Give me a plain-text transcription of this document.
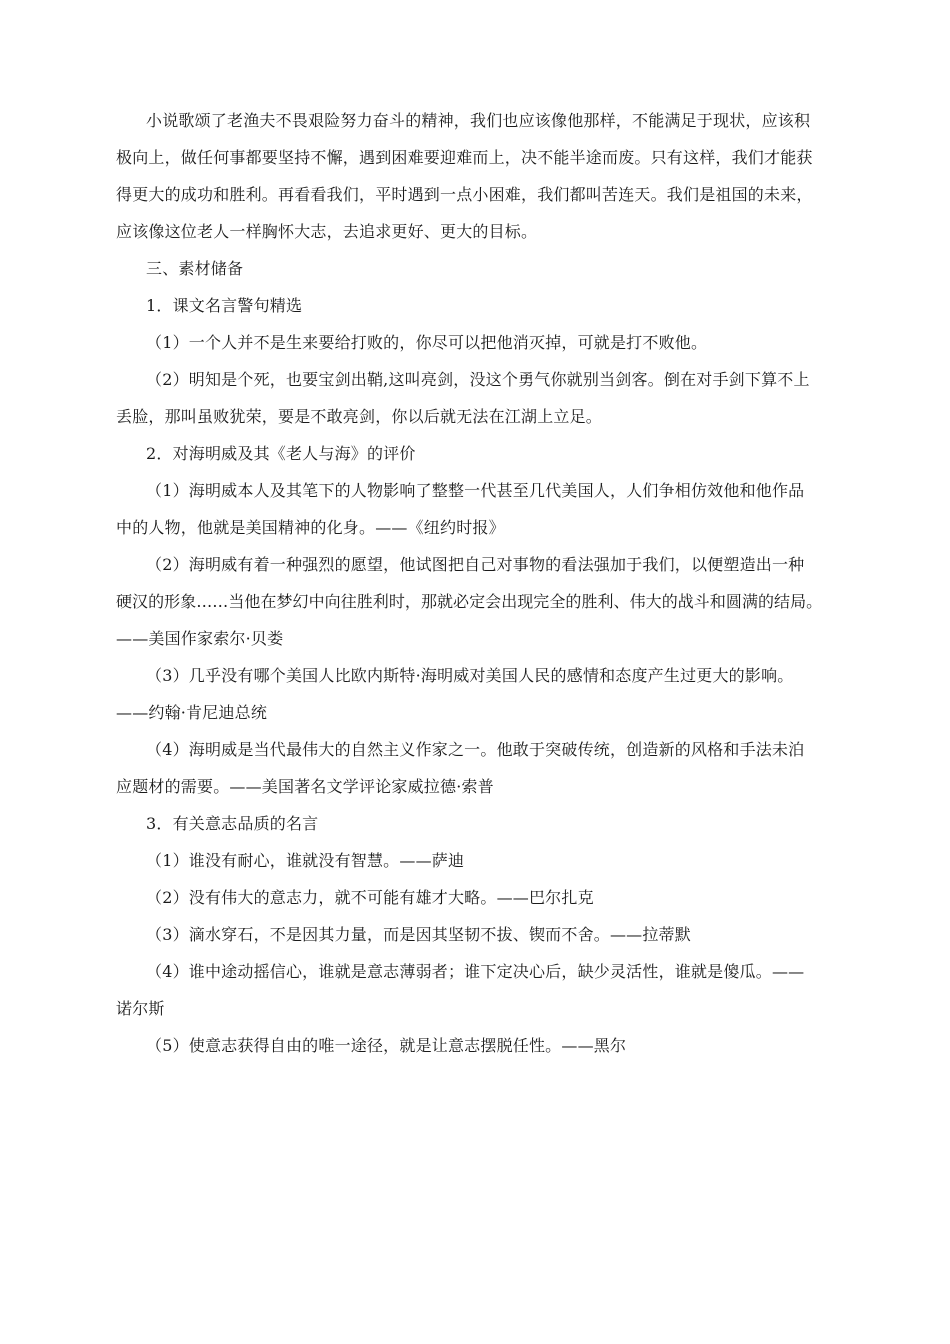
小说歌颂了老渔夫不畏艰险努力奋斗的精神，我们也应该像他那样，不能满足于现状，应该积
极向上，做任何事都要坚持不懈，遇到困难要迎难而上，决不能半途而废。只有这样，我们才能获
得更大的成功和胜利。再看看我们，平时遇到一点小困难，我们都叫苦连天。我们是祖国的未来，
应该像这位老人一样胸怀大志，去追求更好、更大的目标。
三、素材储备
1．课文名言警句精选
（1）一个人并不是生来要给打败的，你尽可以把他消灭掉，可就是打不败他。
（2）明知是个死，也要宝剑出鞘,这叫亮剑，没这个勇气你就别当剑客。倒在对手剑下算不上
丢脸，那叫虽败犹荣，要是不敢亮剑，你以后就无法在江湖上立足。
2．对海明威及其《老人与海》的评价
（1）海明威本人及其笔下的人物影响了整整一代甚至几代美国人，人们争相仿效他和他作品
中的人物，他就是美国精神的化身。——《纽约时报》
（2）海明威有着一种强烈的愿望，他试图把自己对事物的看法强加于我们，以便塑造出一种
硬汉的形象……当他在梦幻中向往胜利时，那就必定会出现完全的胜利、伟大的战斗和圆满的结局。
——美国作家索尔·贝娄
（3）几乎没有哪个美国人比欧内斯特·海明威对美国人民的感情和态度产生过更大的影响。
——约翰·肯尼迪总统
（4）海明威是当代最伟大的自然主义作家之一。他敢于突破传统，创造新的风格和手法未泊
应题材的需要。——美国著名文学评论家威拉德·索普
3．有关意志品质的名言
（1）谁没有耐心，谁就没有智慧。——萨迪
（2）没有伟大的意志力，就不可能有雄才大略。——巴尔扎克
（3）滴水穿石，不是因其力量，而是因其坚韧不拔、锲而不舍。——拉蒂默
（4）谁中途动摇信心，谁就是意志薄弱者；谁下定决心后，缺少灵活性，谁就是傻瓜。——
诺尔斯
（5）使意志获得自由的唯一途径，就是让意志摆脱任性。——黑尔
